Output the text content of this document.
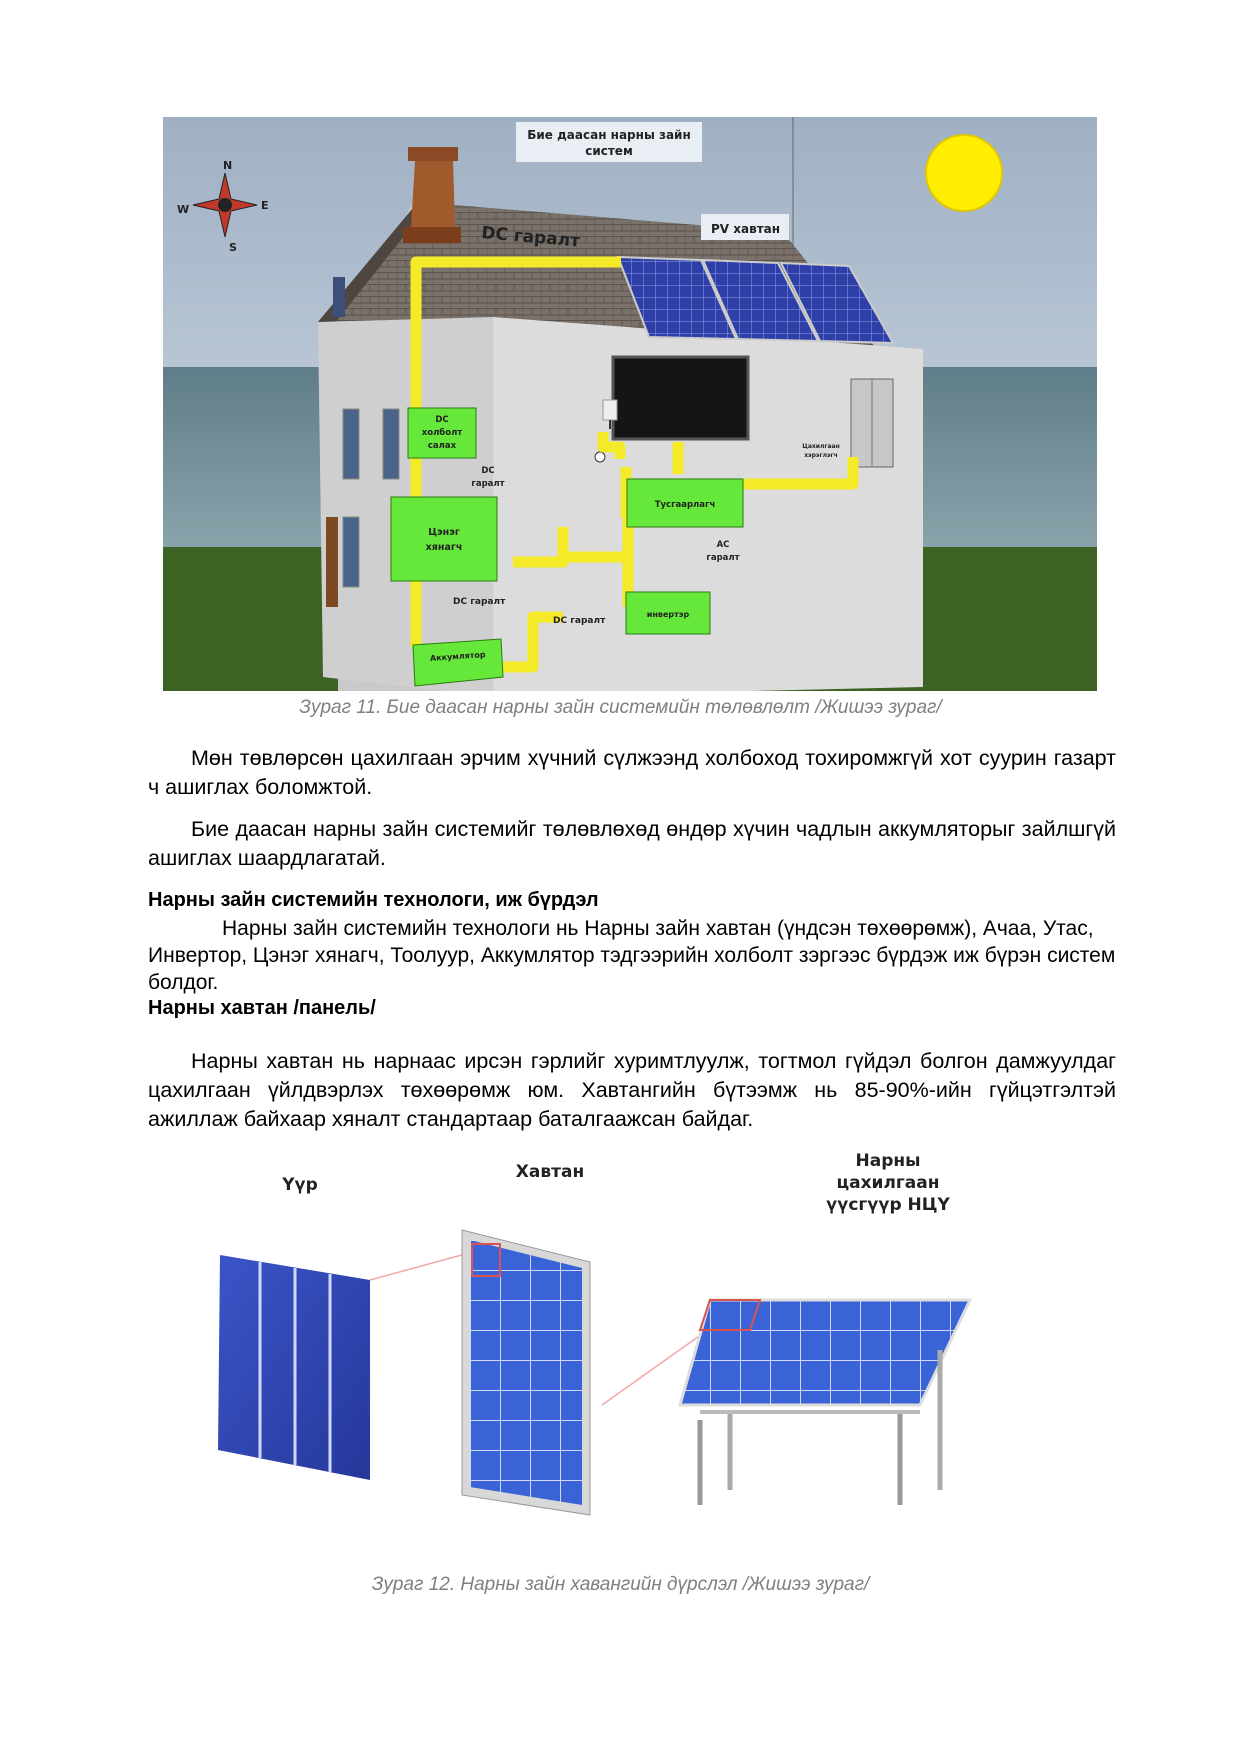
N
E
S
W
DC
холболт
салах
Цэнэг
хянагч
Тусгаарлагч
инвертэр
Аккумлятор
DC гаралт	PV хавтан
Бие даасан нарны зайн
систем
DC
гаралт
AC
гаралт
Цахилгаан
хэрэглэгч
DC гаралт
DC гаралт
Зураг 11. Бие даасан нарны зайн системийн төлөвлөлт /Жишээ зураг/
Мөн төвлөрсөн цахилгаан эрчим хүчний сүлжээнд холбоход тохиромжгүй хот суурин газарт ч ашиглах боломжтой.
Бие даасан нарны зайн системийг төлөвлөхөд өндөр хүчин чадлын аккумляторыг зайлшгүй ашиглах шаардлагатай.
Нарны зайн системийн технологи, иж бүрдэл
Нарны зайн системийн технологи нь Нарны зайн хавтан (үндсэн төхөөрөмж), Ачаа, Утас, Инвертор, Цэнэг хянагч, Тоолуур, Аккумлятор тэдгээрийн холболт зэргээс бүрдэж иж бүрэн систем болдог.
Нарны хавтан /панель/
Нарны хавтан нь нарнаас ирсэн гэрлийг хуримтлуулж, тогтмол гүйдэл болгон дамжуулдаг цахилгаан үйлдвэрлэх төхөөрөмж юм. Хавтангийн бүтээмж нь 85-90%-ийн гүйцэтгэлтэй ажиллаж байхаар хяналт стандартаар баталгаажсан байдаг.
Үүр
Хавтан
Нарны
цахилгаан
үүсгүүр НЦҮ
Зураг 12. Нарны зайн хавангийн дүрслэл /Жишээ зураг/
